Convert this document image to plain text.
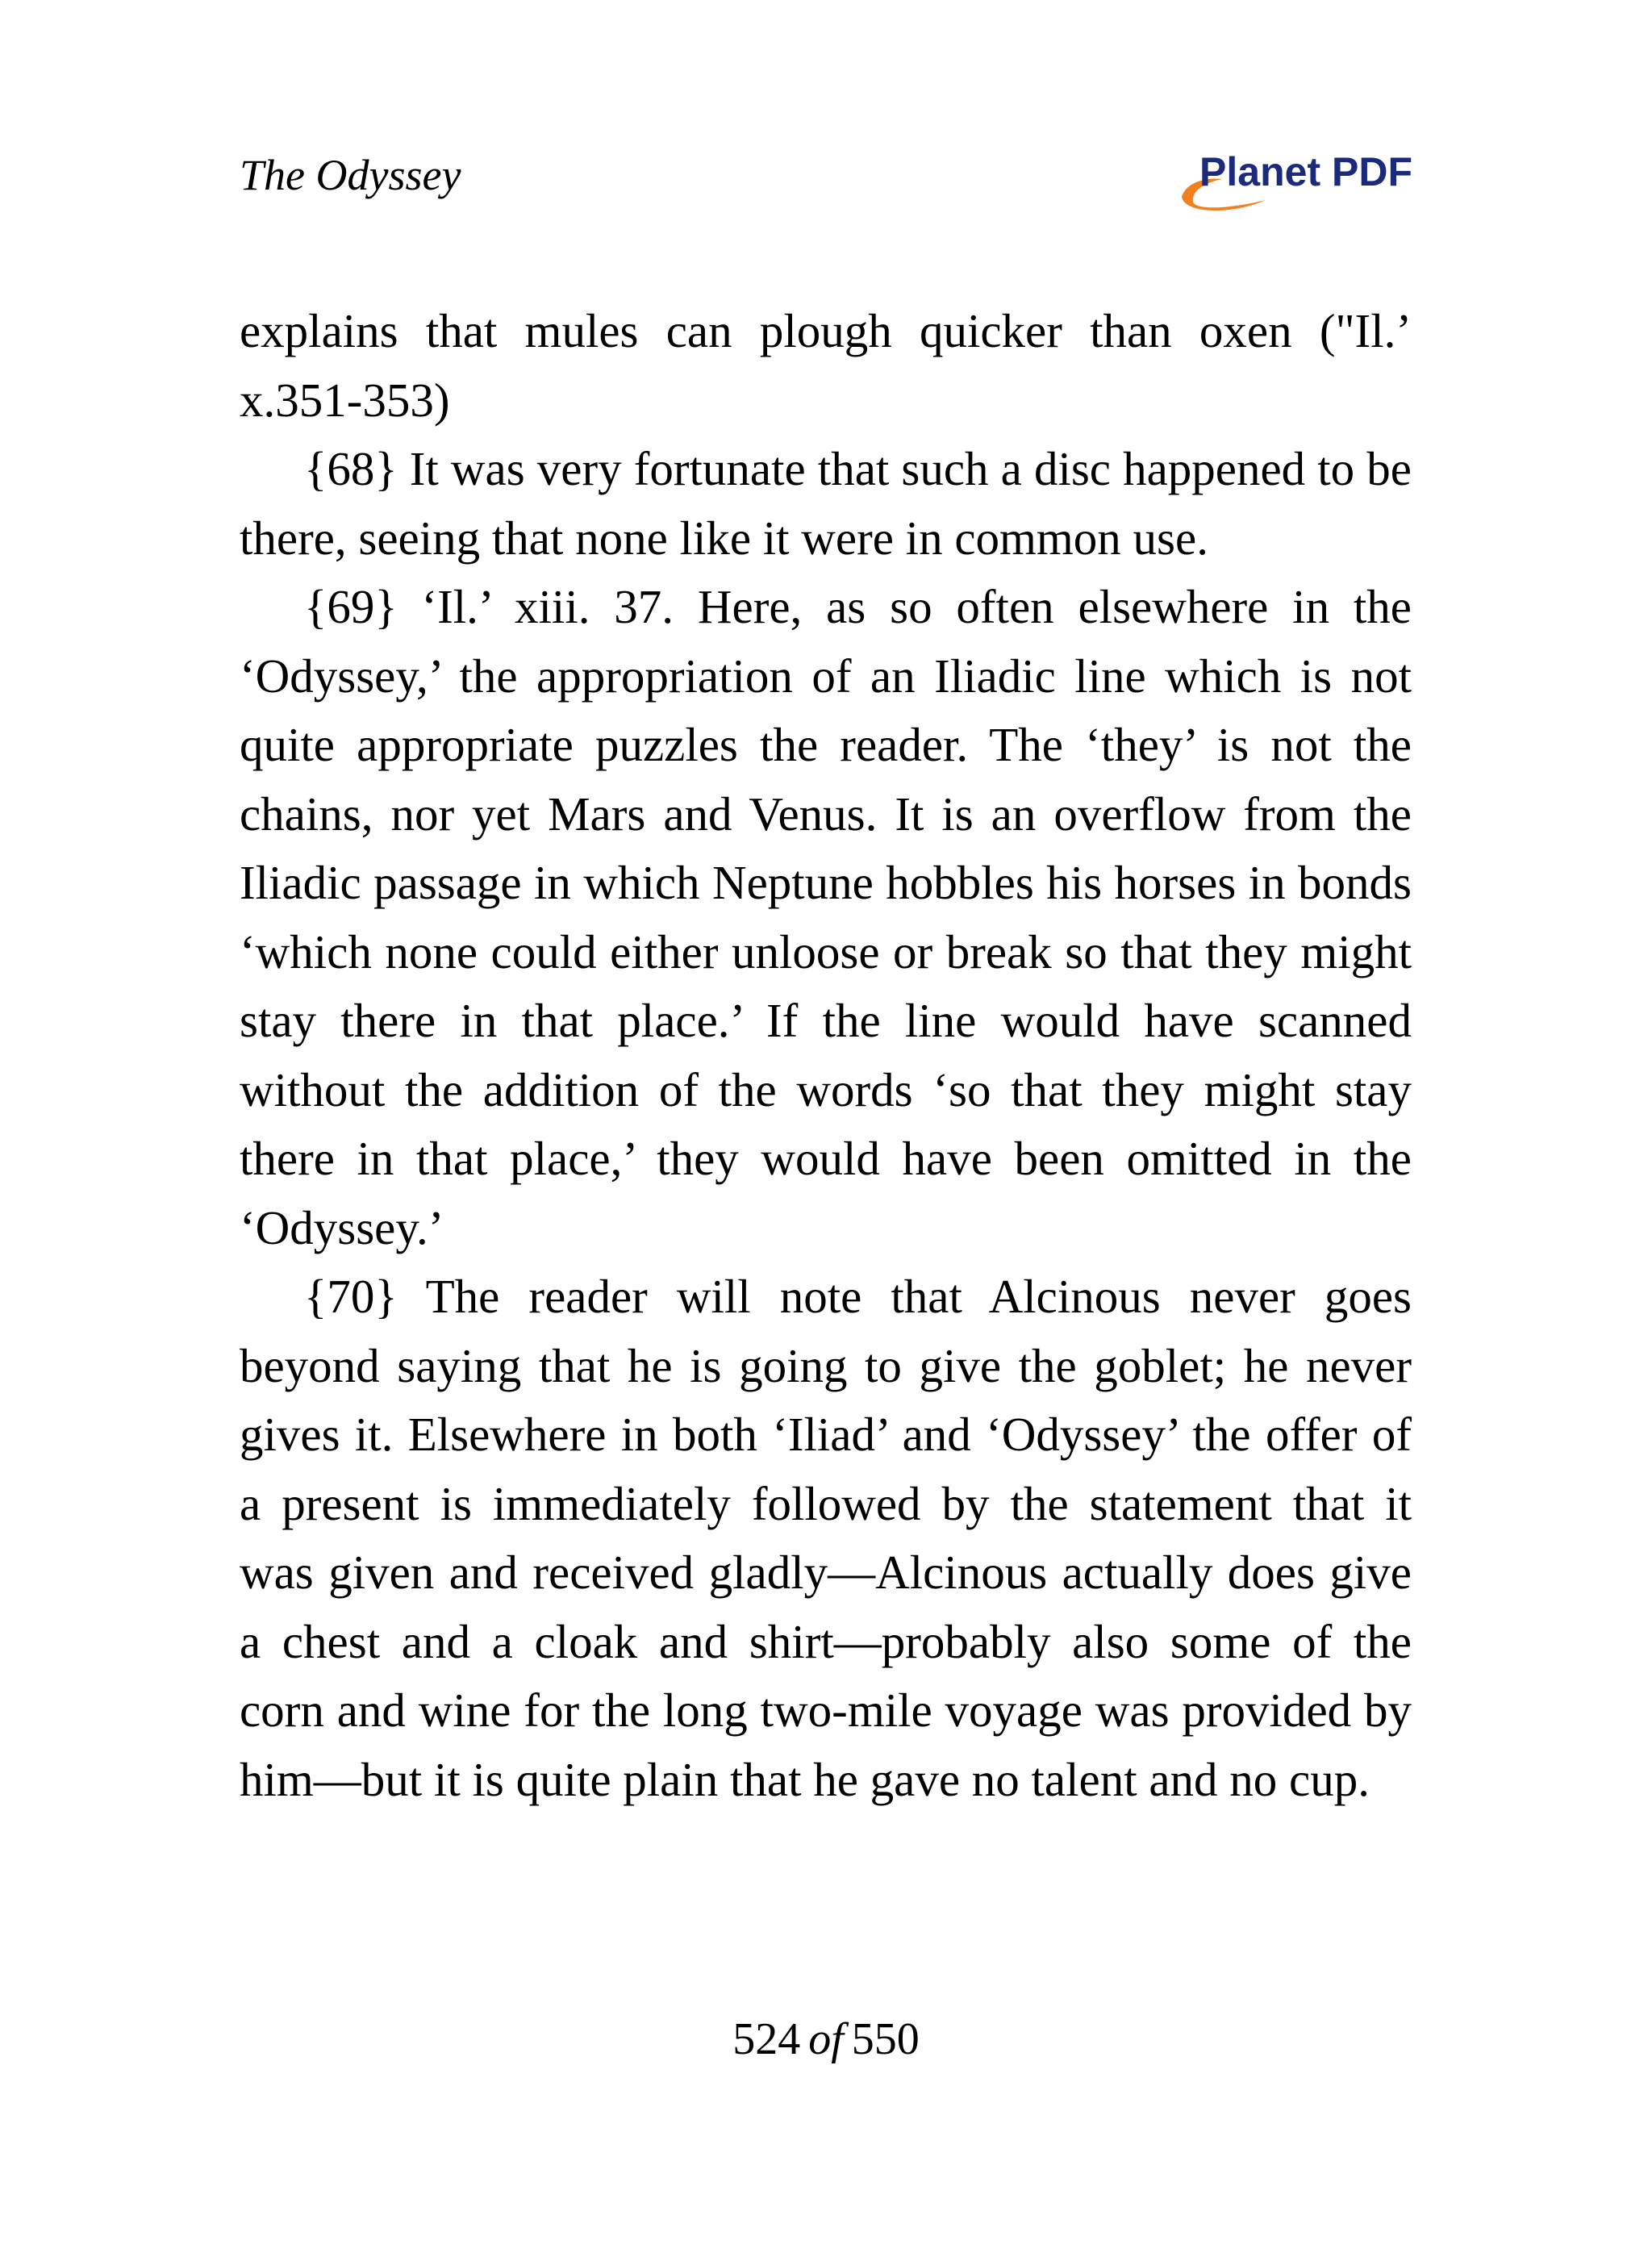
The Odyssey	Planet PDF

explains that mules can plough quicker than oxen ("Il.’ x.351-353)

{68} It was very fortunate that such a disc happened to be there, seeing that none like it were in common use.

{69} ‘Il.’ xiii. 37. Here, as so often elsewhere in the ‘Odyssey,’ the appropriation of an Iliadic line which is not quite appropriate puzzles the reader. The ‘they’ is not the chains, nor yet Mars and Venus. It is an overflow from the Iliadic passage in which Neptune hobbles his horses in bonds ‘which none could either unloose or break so that they might stay there in that place.’ If the line would have scanned without the addition of the words ‘so that they might stay there in that place,’ they would have been omitted in the ‘Odyssey.’

{70} The reader will note that Alcinous never goes beyond saying that he is going to give the goblet; he never gives it. Elsewhere in both ‘Iliad’ and ‘Odyssey’ the offer of a present is immediately followed by the statement that it was given and received gladly—Alcinous actually does give a chest and a cloak and shirt—probably also some of the corn and wine for the long two-mile voyage was provided by him—but it is quite plain that he gave no talent and no cup.

524 of 550
